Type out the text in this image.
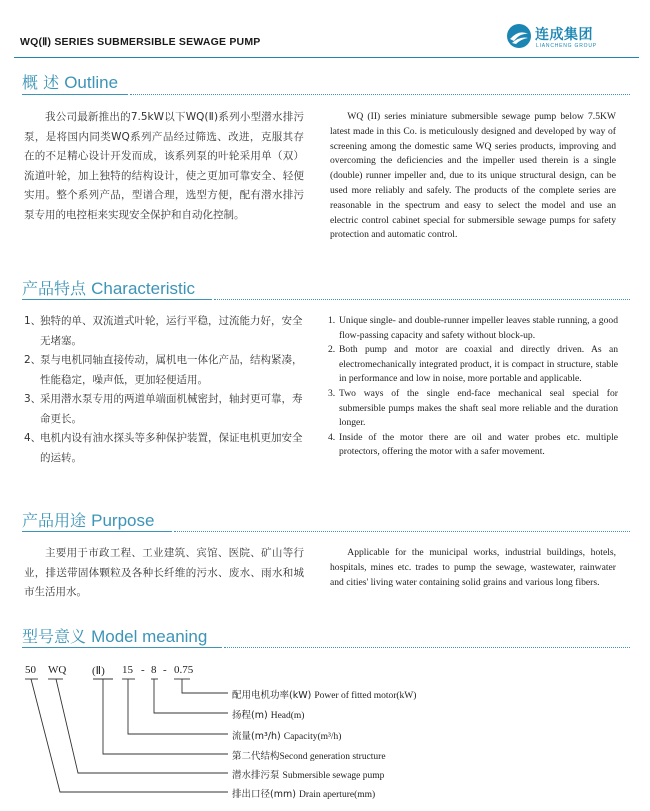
WQ(Ⅱ) SERIES SUBMERSIBLE SEWAGE PUMP	连成集团
LIANCHENG GROUP
概 述 Outline
我公司最新推出的7.5kW以下WQ(Ⅱ)系列小型潜水排污泵，是将国内同类WQ系列产品经过筛选、改进，克服其存在的不足精心设计开发而成，该系列泵的叶轮采用单（双）流道叶轮，加上独特的结构设计，使之更加可靠安全、轻便实用。整个系列产品，型谱合理，选型方便，配有潜水排污泵专用的电控柜来实现安全保护和自动化控制。
WQ (II) series miniature submersible sewage pump below 7.5KW latest made in this Co. is meticulously designed and developed by way of screening among the domestic same WQ series products, improving and overcoming the deficiencies and the impeller used therein is a single (double) runner impeller and, due to its unique structural design, can be used more reliably and safely. The products of the complete series are reasonable in the spectrum and easy to select the model and use an electric control cabinet special for submersible sewage pumps for safety protection and automatic control.
产品特点 Characteristic
1、
独特的单、双流道式叶轮，运行平稳，过流能力好，安全无堵塞。
2、
泵与电机同轴直接传动，属机电一体化产品，结构紧凑，性能稳定，噪声低，更加轻便适用。
3、
采用潜水泵专用的两道单端面机械密封，轴封更可靠，寿命更长。
4、
电机内设有油水探头等多种保护装置，保证电机更加安全的运转。
1. Unique single- and double-runner impeller leaves stable running, a good flow-passing capacity and safety without block-up.
2. Both pump and motor are coaxial and directly driven. As an electromechanically integrated product, it is compact in structure, stable in performance and low in noise, more portable and applicable.
3. Two ways of the single end-face mechanical seal special for submersible pumps makes the shaft seal more reliable and the duration longer.
4. Inside of the motor there are oil and water probes etc. multiple protectors, offering the motor with a safer movement.
产品用途 Purpose
主要用于市政工程、工业建筑、宾馆、医院、矿山等行业，排送带固体颗粒及各种长纤维的污水、废水、雨水和城市生活用水。
Applicable for the municipal works, industrial buildings, hotels, hospitals, mines etc. trades to pump the sewage, wastewater, rainwater and cities' living water containing solid grains and various long fibers.
型号意义 Model meaning
50 WQ (Ⅱ) 15 - 8 - 0.75
配用电机功率(kW) Power of fitted motor(kW)
扬程(m) Head(m)
流量(m³/h) Capacity(m³/h)
第二代结构Second generation structure
潜水排污泵 Submersible sewage pump
排出口径(mm) Drain aperture(mm)
